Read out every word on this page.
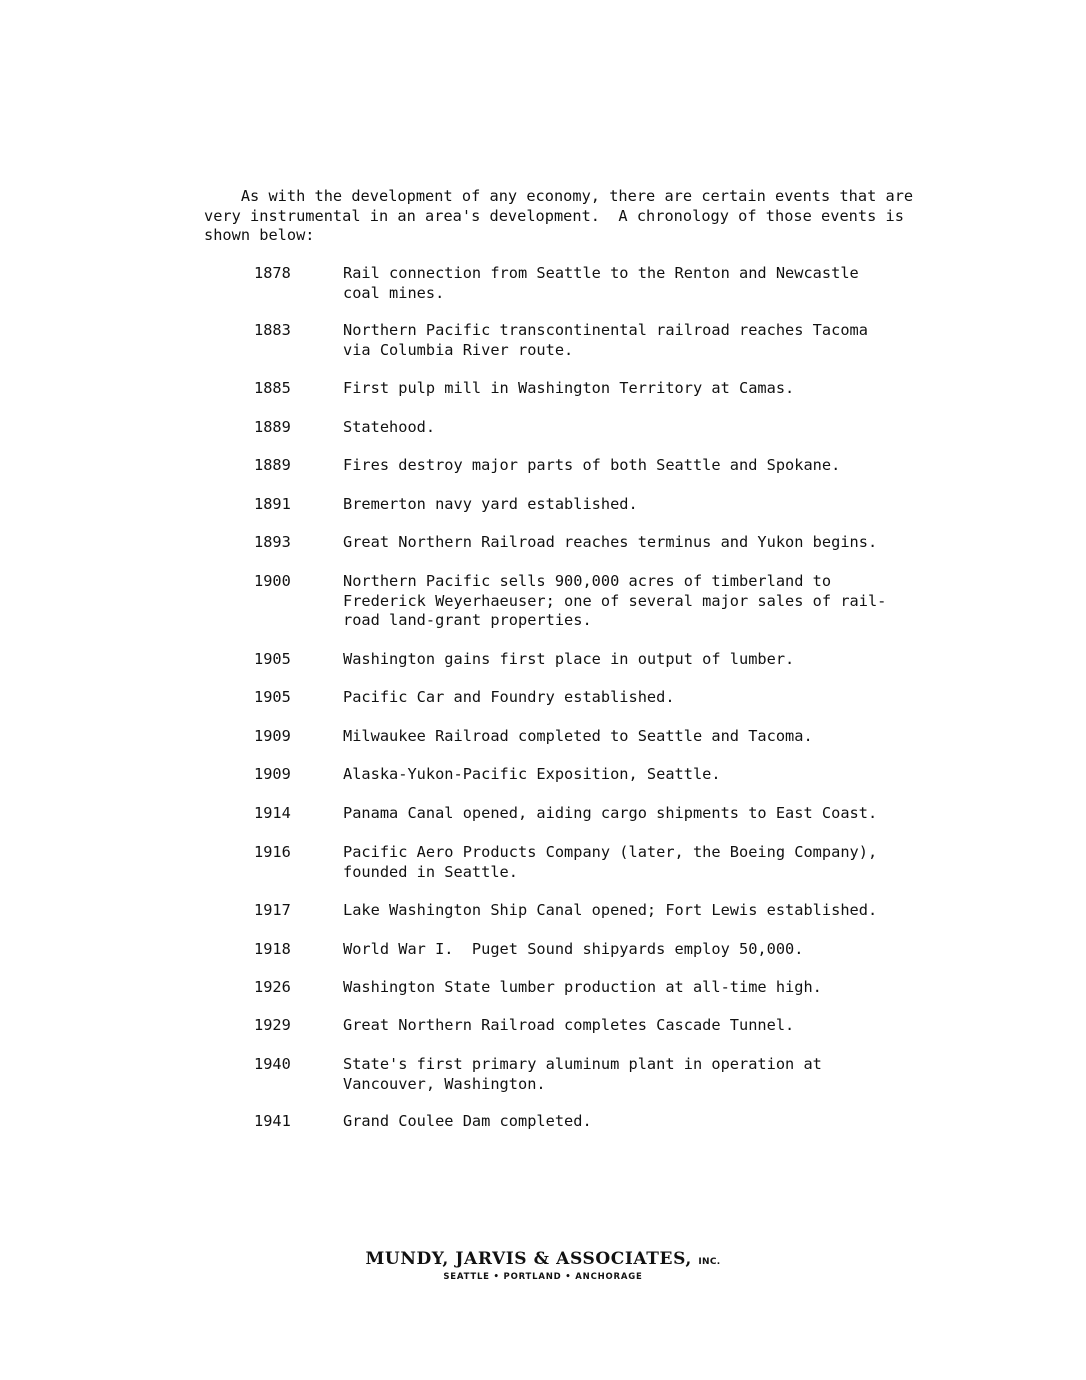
As with the development of any economy, there are certain events that are
very instrumental in an area's development.  A chronology of those events is
shown below:
1878	Rail connection from Seattle to the Renton and Newcastle
coal mines.
1883	Northern Pacific transcontinental railroad reaches Tacoma
via Columbia River route.
1885	First pulp mill in Washington Territory at Camas.
1889	Statehood.
1889	Fires destroy major parts of both Seattle and Spokane.
1891	Bremerton navy yard established.
1893	Great Northern Railroad reaches terminus and Yukon begins.
1900	Northern Pacific sells 900,000 acres of timberland to
Frederick Weyerhaeuser; one of several major sales of rail-
road land-grant properties.
1905	Washington gains first place in output of lumber.
1905	Pacific Car and Foundry established.
1909	Milwaukee Railroad completed to Seattle and Tacoma.
1909	Alaska-Yukon-Pacific Exposition, Seattle.
1914	Panama Canal opened, aiding cargo shipments to East Coast.
1916	Pacific Aero Products Company (later, the Boeing Company),
founded in Seattle.
1917	Lake Washington Ship Canal opened; Fort Lewis established.
1918	World War I.  Puget Sound shipyards employ 50,000.
1926	Washington State lumber production at all-time high.
1929	Great Northern Railroad completes Cascade Tunnel.
1940	State's first primary aluminum plant in operation at
Vancouver, Washington.
1941	Grand Coulee Dam completed.
MUNDY, JARVIS & ASSOCIATES, INC.
SEATTLE • PORTLAND • ANCHORAGE
